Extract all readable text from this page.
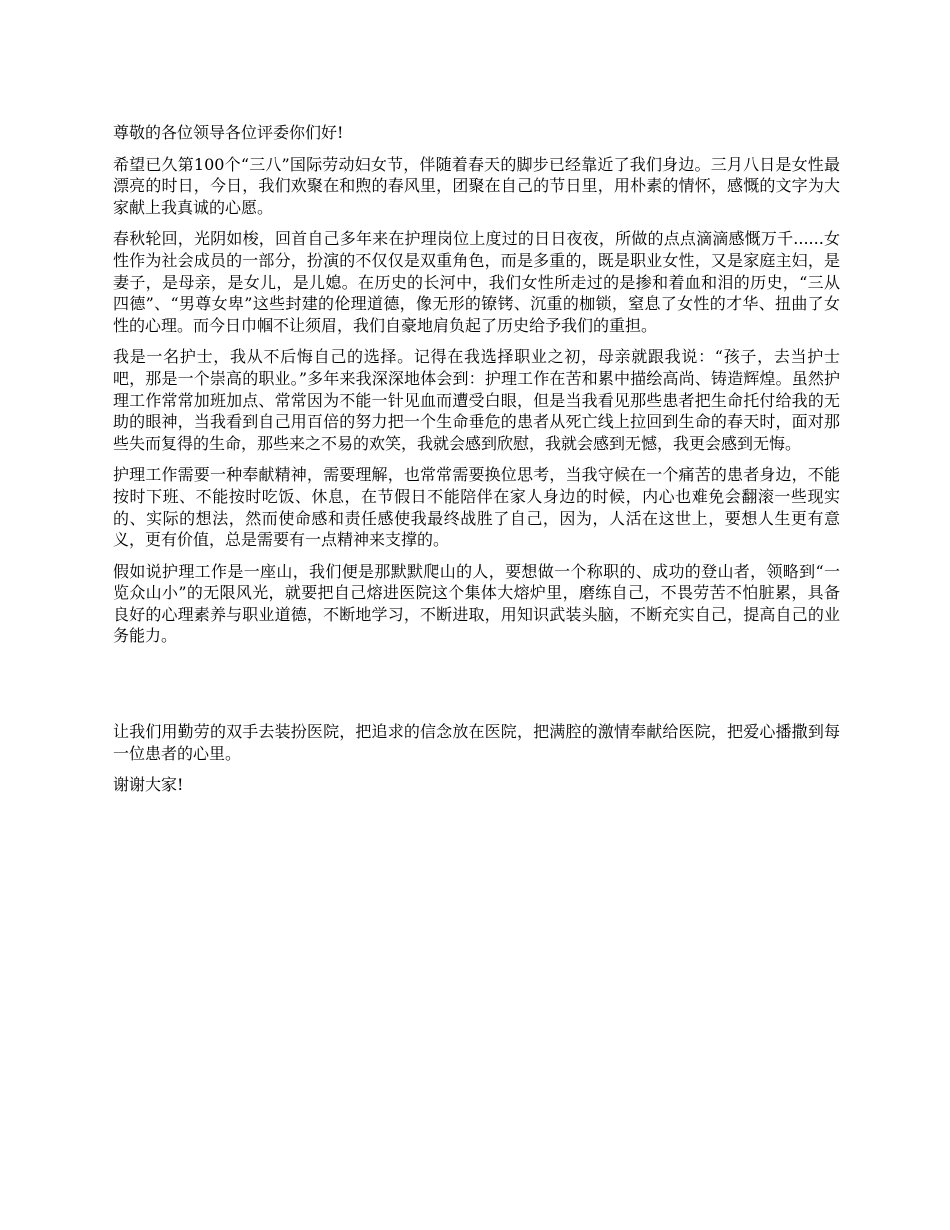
尊敬的各位领导各位评委你们好!

希望已久第100个“三八”国际劳动妇女节，伴随着春天的脚步已经靠近了我们身边。三月八日是女性最漂亮的时日，今日，我们欢聚在和煦的春风里，团聚在自己的节日里，用朴素的情怀，感慨的文字为大家献上我真诚的心愿。

春秋轮回，光阴如梭，回首自己多年来在护理岗位上度过的日日夜夜，所做的点点滴滴感慨万千......女性作为社会成员的一部分，扮演的不仅仅是双重角色，而是多重的，既是职业女性，又是家庭主妇，是妻子，是母亲，是女儿，是儿媳。在历史的长河中，我们女性所走过的是掺和着血和泪的历史，“三从四德”、“男尊女卑”这些封建的伦理道德，像无形的镣铐、沉重的枷锁，窒息了女性的才华、扭曲了女性的心理。而今日巾帼不让须眉，我们自豪地肩负起了历史给予我们的重担。

我是一名护士，我从不后悔自己的选择。记得在我选择职业之初，母亲就跟我说：“孩子，去当护士吧，那是一个崇高的职业。”多年来我深深地体会到：护理工作在苦和累中描绘高尚、铸造辉煌。虽然护理工作常常加班加点、常常因为不能一针见血而遭受白眼，但是当我看见那些患者把生命托付给我的无助的眼神，当我看到自己用百倍的努力把一个生命垂危的患者从死亡线上拉回到生命的春天时，面对那些失而复得的生命，那些来之不易的欢笑，我就会感到欣慰，我就会感到无憾，我更会感到无悔。

护理工作需要一种奉献精神，需要理解，也常常需要换位思考，当我守候在一个痛苦的患者身边，不能按时下班、不能按时吃饭、休息，在节假日不能陪伴在家人身边的时候，内心也难免会翻滚一些现实的、实际的想法，然而使命感和责任感使我最终战胜了自己，因为，人活在这世上，要想人生更有意义，更有价值，总是需要有一点精神来支撑的。

假如说护理工作是一座山，我们便是那默默爬山的人，要想做一个称职的、成功的登山者，领略到“一览众山小”的无限风光，就要把自己熔进医院这个集体大熔炉里，磨练自己，不畏劳苦不怕脏累，具备良好的心理素养与职业道德，不断地学习，不断进取，用知识武装头脑，不断充实自己，提高自己的业务能力。

让我们用勤劳的双手去装扮医院，把追求的信念放在医院，把满腔的激情奉献给医院，把爱心播撒到每一位患者的心里。

谢谢大家!
